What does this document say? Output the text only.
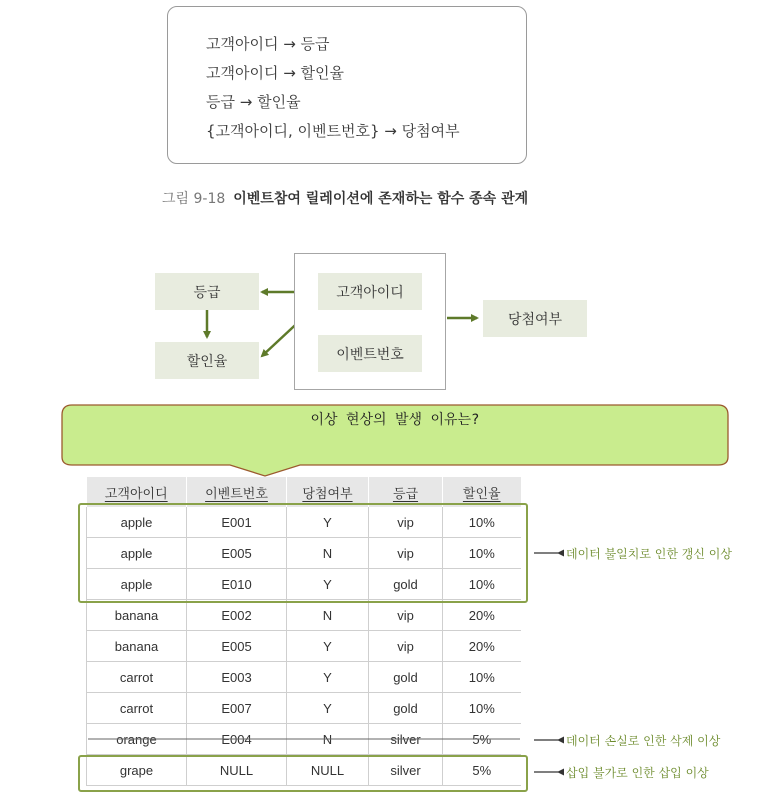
고객아이디 → 등급
고객아이디 → 할인율
등급 → 할인율
{고객아이디, 이벤트번호} → 당첨여부
그림 9-18 이벤트참여 릴레이션에 존재하는 함수 종속 관계
등급
할인율
고객아이디
이벤트번호
당첨여부
이상 현상의 발생 이유는?
고객아이디	이벤트번호	당첨여부	등급	할인율
apple	E001	Y	vip	10%
apple	E005	N	vip	10%
apple	E010	Y	gold	10%
banana	E002	N	vip	20%
banana	E005	Y	vip	20%
carrot	E003	Y	gold	10%
carrot	E007	Y	gold	10%
orange	E004	N	silver	5%
grape	NULL	NULL	silver	5%
데이터 불일치로 인한 갱신 이상
데이터 손실로 인한 삭제 이상
삽입 불가로 인한 삽입 이상
